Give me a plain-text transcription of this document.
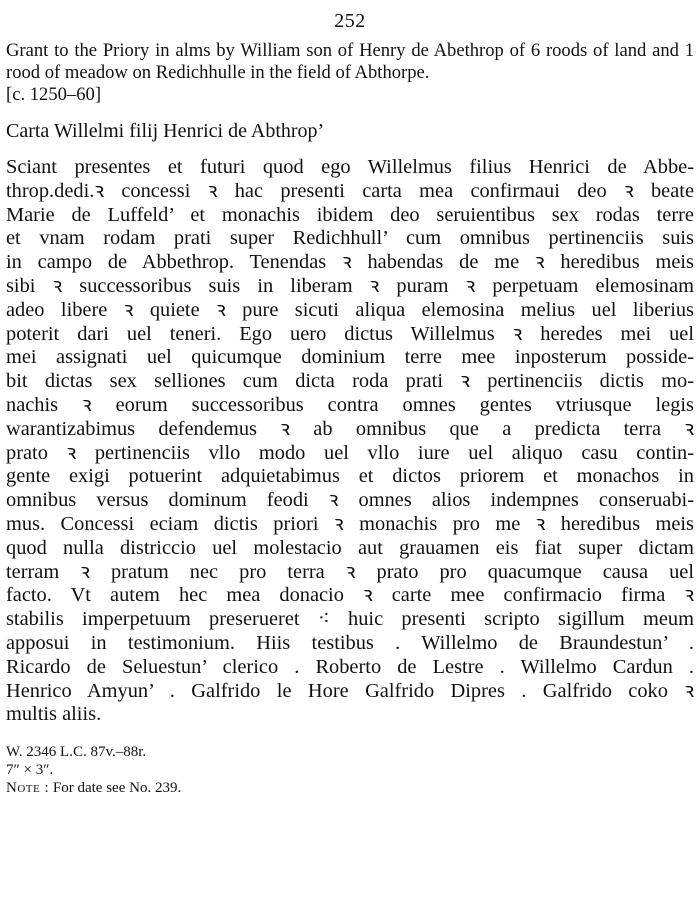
252

Grant to the Priory in alms by William son of Henry de Abethrop of 6 roods of land and 1 rood of meadow on Redichhulle in the field of Abthorpe.
[c. 1250–60]

Carta Willelmi filij Henrici de Abthrop’
Sciant presentes et futuri quod ego Willelmus filius Henrici de Abbe-
throp.dedi.ꝛ concessi ꝛ hac presenti carta mea confirmaui deo ꝛ beate
Marie de Luffeld’ et monachis ibidem deo seruientibus sex rodas terre
et vnam rodam prati super Redichhull’ cum omnibus pertinenciis suis
in campo de Abbethrop. Tenendas ꝛ habendas de me ꝛ heredibus meis
sibi ꝛ successoribus suis in liberam ꝛ puram ꝛ perpetuam elemosinam
adeo libere ꝛ quiete ꝛ pure sicuti aliqua elemosina melius uel liberius
poterit dari uel teneri. Ego uero dictus Willelmus ꝛ heredes mei uel
mei assignati uel quicumque dominium terre mee inposterum posside-
bit dictas sex selliones cum dicta roda prati ꝛ pertinenciis dictis mo-
nachis ꝛ eorum successoribus contra omnes gentes vtriusque legis
warantizabimus defendemus ꝛ ab omnibus que a predicta terra ꝛ
prato ꝛ pertinenciis vllo modo uel vllo iure uel aliquo casu contin-
gente exigi potuerint adquietabimus et dictos priorem et monachos in
omnibus versus dominum feodi ꝛ omnes alios indempnes conseruabi-
mus. Concessi eciam dictis priori ꝛ monachis pro me ꝛ heredibus meis
quod nulla districcio uel molestacio aut grauamen eis fiat super dictam
terram ꝛ pratum nec pro terra ꝛ prato pro quacumque causa uel
facto. Vt autem hec mea donacio ꝛ carte mee confirmacio firma ꝛ
stabilis imperpetuum preserueret ⁖ huic presenti scripto sigillum meum
apposui in testimonium. Hiis testibus . Willelmo de Braundestun’ .
Ricardo de Seluestun’ clerico . Roberto de Lestre . Willelmo Cardun .
Henrico Amyun’ . Galfrido le Hore Galfrido Dipres . Galfrido coko ꝛ
multis aliis.
W. 2346 L.C. 87v.–88r.
7″ × 3″.
Note : For date see No. 239.
